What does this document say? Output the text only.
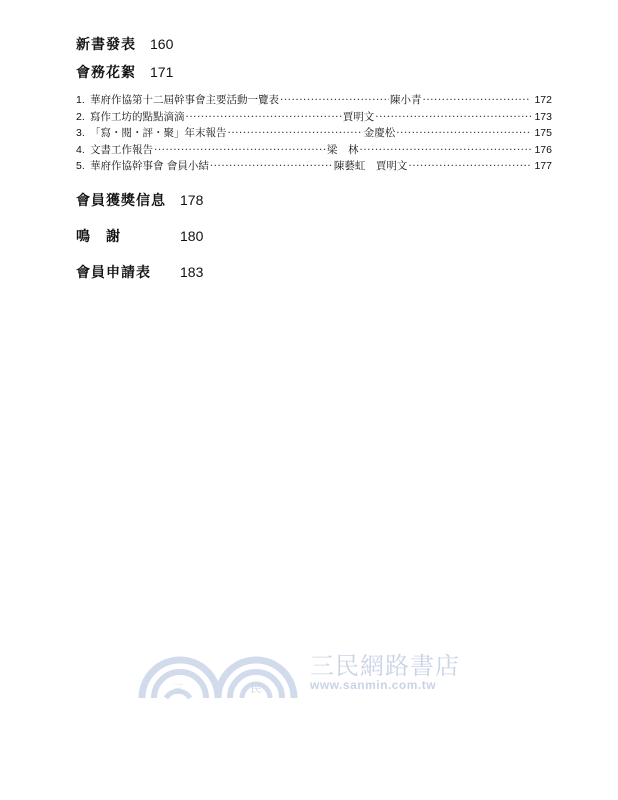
新書發表 160
會務花絮 171
1. 華府作協第十二屆幹事會主要活動一覽表 ·····	陳小青 ·····	172
2. 寫作工坊的點點滴滴 ·····	賈明文 ·····	173
3. 「寫・閱・評・聚」年末報告 ·····	金慶松 ·····	175
4. 文書工作報告 ·····	梁　林 ·····	176
5. 華府作協幹事會 會員小結 ·····	陳藝虹　賈明文 ·····	177
會員獲獎信息	178
鳴　謝	180
會員申請表	183
三	民
三民網路書店
www.sanmin.com.tw
